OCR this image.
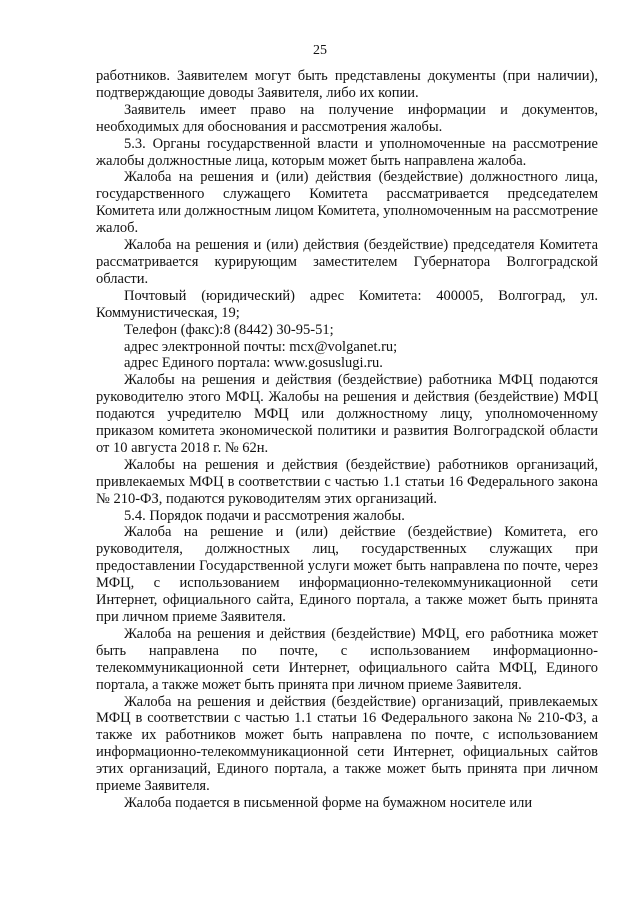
25

работников. Заявителем могут быть представлены документы (при наличии), подтверждающие доводы Заявителя, либо их копии.

Заявитель имеет право на получение информации и документов, необходимых для обоснования и рассмотрения жалобы.

5.3. Органы государственной власти и уполномоченные на рассмотрение жалобы должностные лица, которым может быть направлена жалоба.

Жалоба на решения и (или) действия (бездействие) должностного лица, государственного служащего Комитета рассматривается председателем Комитета или должностным лицом Комитета, уполномоченным на рассмотрение жалоб.

Жалоба на решения и (или) действия (бездействие) председателя Комитета рассматривается курирующим заместителем Губернатора Волгоградской области.

Почтовый (юридический) адрес Комитета: 400005, Волгоград, ул. Коммунистическая, 19;

Телефон (факс):8 (8442) 30-95-51;

адрес электронной почты: mcx@volganet.ru;

адрес Единого портала: www.gosuslugi.ru.

Жалобы на решения и действия (бездействие) работника МФЦ подаются руководителю этого МФЦ. Жалобы на решения и действия (бездействие) МФЦ подаются учредителю МФЦ или должностному лицу, уполномоченному приказом комитета экономической политики и развития Волгоградской области от 10 августа 2018 г. № 62н.

Жалобы на решения и действия (бездействие) работников организаций, привлекаемых МФЦ в соответствии с частью 1.1 статьи 16 Федерального закона № 210-ФЗ, подаются руководителям этих организаций.

5.4. Порядок подачи и рассмотрения жалобы.

Жалоба на решение и (или) действие (бездействие) Комитета, его руководителя, должностных лиц, государственных служащих при предоставлении Государственной услуги может быть направлена по почте, через МФЦ, с использованием информационно-телекоммуникационной сети Интернет, официального сайта, Единого портала, а также может быть принята при личном приеме Заявителя.

Жалоба на решения и действия (бездействие) МФЦ, его работника может быть направлена по почте, с использованием информационно-телекоммуникационной сети Интернет, официального сайта МФЦ, Единого портала, а также может быть принята при личном приеме Заявителя.

Жалоба на решения и действия (бездействие) организаций, привлекаемых МФЦ в соответствии с частью 1.1 статьи 16 Федерального закона № 210-ФЗ, а также их работников может быть направлена по почте, с использованием информационно-телекоммуникационной сети Интернет, официальных сайтов этих организаций, Единого портала, а также может быть принята при личном приеме Заявителя.

Жалоба подается в письменной форме на бумажном носителе или
